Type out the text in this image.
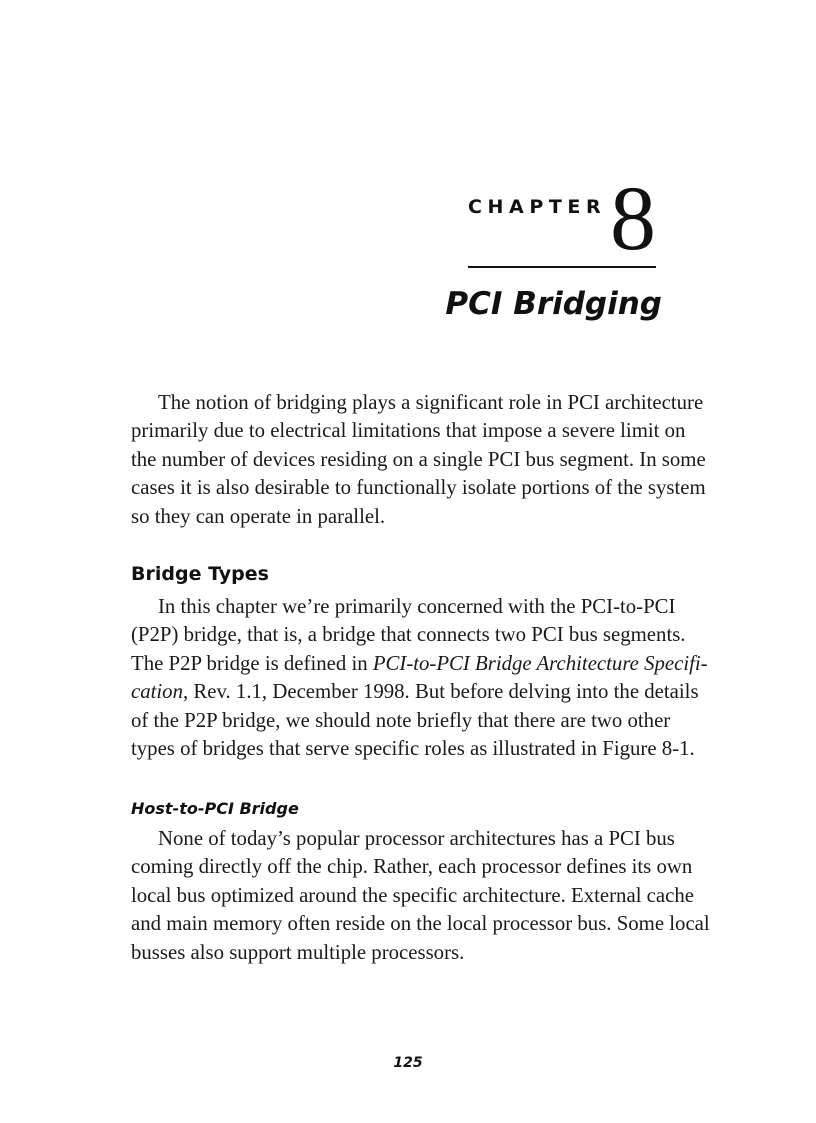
CHAPTER 8
PCI Bridging

The notion of bridging plays a significant role in PCI architecture
primarily due to electrical limitations that impose a severe limit on
the number of devices residing on a single PCI bus segment. In some
cases it is also desirable to functionally isolate portions of the system
so they can operate in parallel.

Bridge Types

In this chapter we’re primarily concerned with the PCI-to-PCI
(P2P) bridge, that is, a bridge that connects two PCI bus segments.
The P2P bridge is defined in PCI-to-PCI Bridge Architecture Specifi-
cation, Rev. 1.1, December 1998. But before delving into the details
of the P2P bridge, we should note briefly that there are two other
types of bridges that serve specific roles as illustrated in Figure 8-1.

Host-to-PCI Bridge

None of today’s popular processor architectures has a PCI bus
coming directly off the chip. Rather, each processor defines its own
local bus optimized around the specific architecture. External cache
and main memory often reside on the local processor bus. Some local
busses also support multiple processors.

125
